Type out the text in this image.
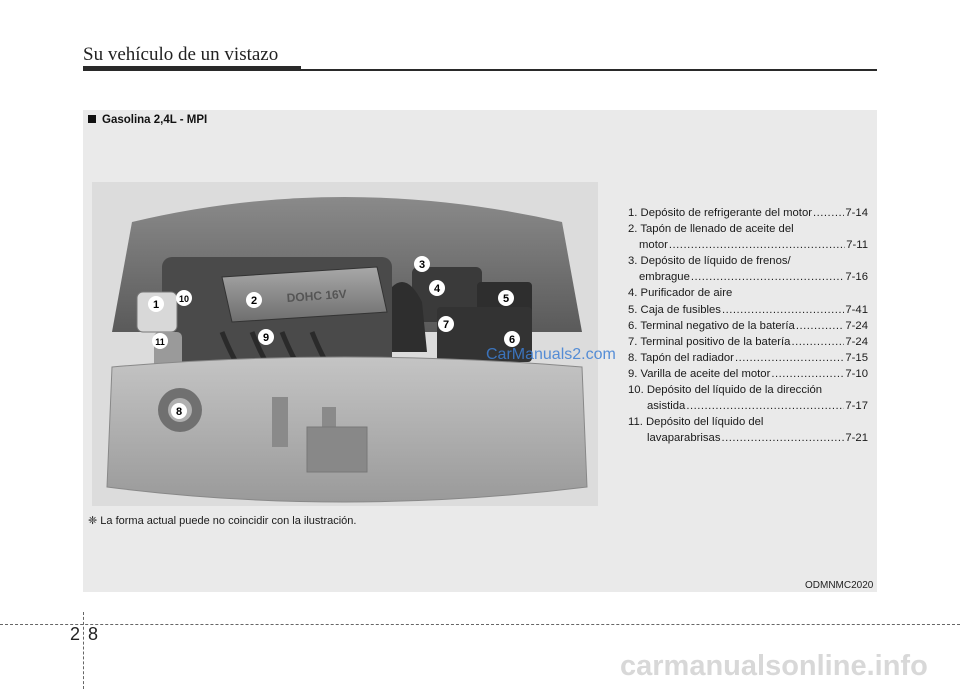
Su vehículo de un vistazo
Gasolina 2,4L - MPI
DOHC 16V
1 10	2
3
4
5
7
6
9
11
8
1. Depósito de refrigerante del motor .....	7-14
2. Tapón de llenado de aceite del
motor .....	7-11
3. Depósito de líquido de frenos/
embrague .....	7-16
4. Purificador de aire
5. Caja de fusibles .....	7-41
6. Terminal negativo de la batería .....	7-24
7. Terminal positivo de la batería .....	7-24
8. Tapón del radiador .....	7-15
9. Varilla de aceite del motor .....	7-10
10. Depósito del líquido de la dirección
asistida .....	7-17
11. Depósito del líquido del
lavaparabrisas .....	7-21
CarManuals2.com
❈ La forma actual puede no coincidir con la ilustración.
ODMNMC2020
2 8
carmanualsonline.info
